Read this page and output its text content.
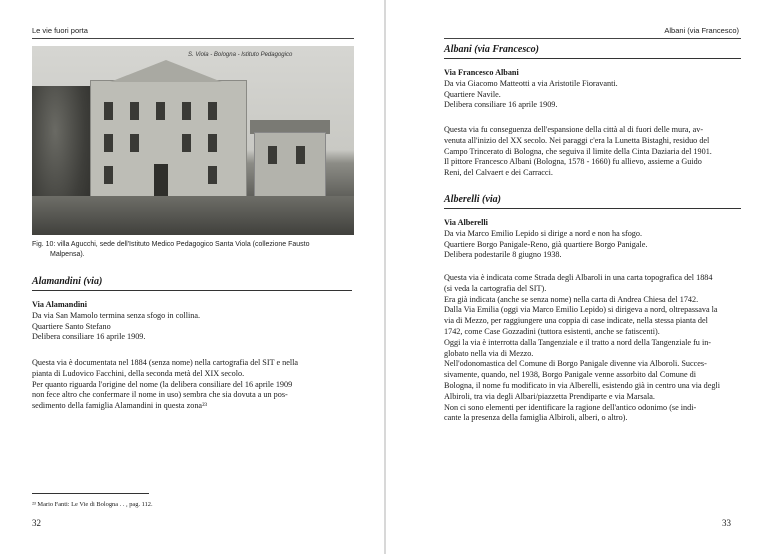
Le vie fuori porta
S. Viola - Bologna - Istituto Pedagogico
Fig. 10: villa Agucchi, sede dell'Istituto Medico Pedagogico Santa Viola (collezione Fausto
Malpensa).
Alamandini (via)
Via Alamandini
Da via San Mamolo termina senza sfogo in collina.
Quartiere Santo Stefano
Delibera consiliare 16 aprile 1909.
Questa via è documentata nel 1884 (senza nome) nella cartografia del SIT e nella
pianta di Ludovico Facchini, della seconda metà del XIX secolo.
Per quanto riguarda l'origine del nome (la delibera consiliare del 16 aprile 1909
non fece altro che confermare il nome in uso) sembra che sia dovuta a un pos-
sedimento della famiglia Alamandini in questa zona²³
²³ Mario Fanti: Le Vie di Bologna . . , pag. 112.
32
Albani (via Francesco)
Albani (via Francesco)
Via Francesco Albani
Da via Giacomo Matteotti a via Aristotile Fioravanti.
Quartiere Navile.
Delibera consiliare 16 aprile 1909.
Questa via fu conseguenza dell'espansione della città al di fuori delle mura, av-
venuta all'inizio del XX secolo. Nei paraggi c'era la Lunetta Bistaghi, residuo del
Campo Trincerato di Bologna, che seguiva il limite della Cinta Daziaria del 1901.
Il pittore Francesco Albani (Bologna, 1578 - 1660) fu allievo, assieme a Guido
Reni, del Calvaert e dei Carracci.
Alberelli (via)
Via Alberelli
Da via Marco Emilio Lepido si dirige a nord e non ha sfogo.
Quartiere Borgo Panigale-Reno, già quartiere Borgo Panigale.
Delibera podestarile 8 giugno 1938.
Questa via è indicata come Strada degli Albaroli in una carta topografica del 1884
(si veda la cartografia del SIT).
Era già indicata (anche se senza nome) nella carta di Andrea Chiesa del 1742.
Dalla Via Emilia (oggi via Marco Emilio Lepido) si dirigeva a nord, oltrepassava la
via di Mezzo, per raggiungere una coppia di case indicate, nella stessa pianta del
1742, come Case Gozzadini (tuttora esistenti, anche se fatiscenti).
Oggi la via è interrotta dalla Tangenziale e il tratto a nord della Tangenziale fu in-
globato nella via di Mezzo.
Nell'odonomastica del Comune di Borgo Panigale divenne via Alboroli. Succes-
sivamente, quando, nel 1938, Borgo Panigale venne assorbito dal Comune di
Bologna, il nome fu modificato in via Alberelli, esistendo già in centro una via degli
Albiroli, tra via degli Albari/piazzetta Prendiparte e via Marsala.
Non ci sono elementi per identificare la ragione dell'antico odonimo (se indi-
cante la presenza della famiglia Albiroli, alberi, o altro).
33
